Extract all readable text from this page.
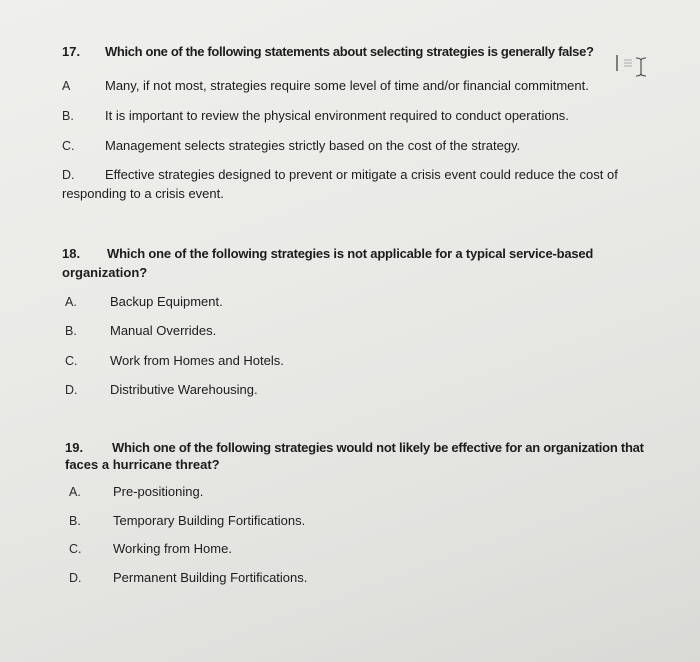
17. Which one of the following statements about selecting strategies is generally false?
A	Many, if not most, strategies require some level of time and/or financial commitment.
B. It is important to review the physical environment required to conduct operations.
C. Management selects strategies strictly based on the cost of the strategy.
D. Effective strategies designed to prevent or mitigate a crisis event could reduce the cost of
responding to a crisis event.
18. Which one of the following strategies is not applicable for a typical service-based
organization?
A.	Backup Equipment.
B.	Manual Overrides.
C.	Work from Homes and Hotels.
D.	Distributive Warehousing.
19. Which one of the following strategies would not likely be effective for an organization that
faces a hurricane threat?
A. Pre-positioning.
B. Temporary Building Fortifications.
C. Working from Home.
D. Permanent Building Fortifications.
